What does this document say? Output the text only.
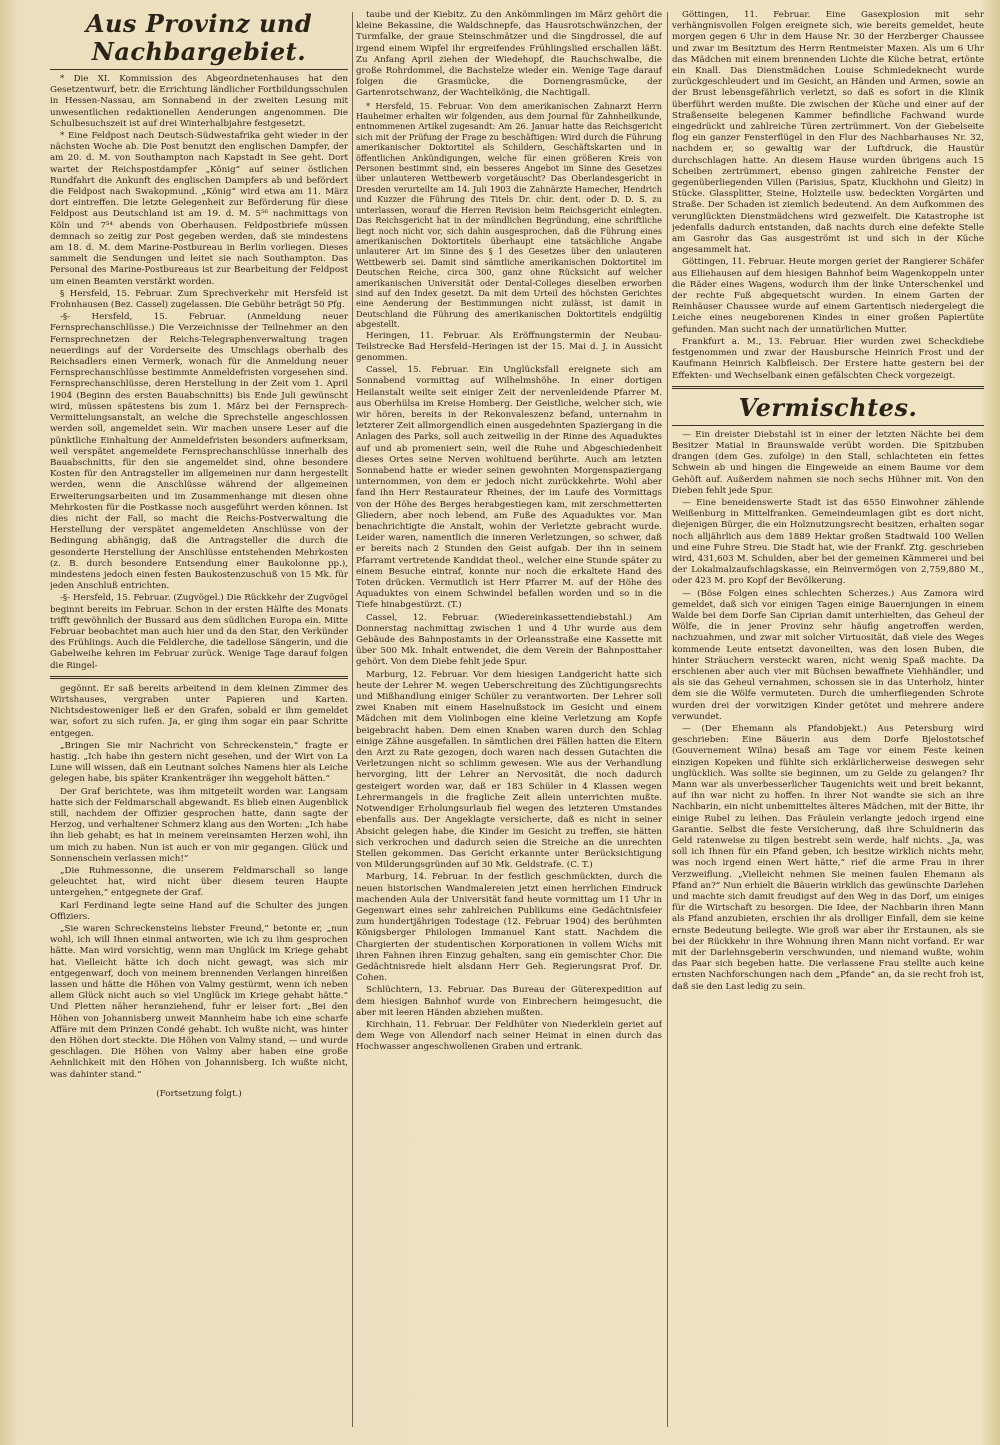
Aus Provinz und Nachbargebiet.

* Die XI. Kommission des Abgeordnetenhauses hat den Gesetzentwurf, betr. die Errichtung ländlicher Fortbildungsschulen in Hessen-Nassau, am Sonnabend in der zweiten Lesung mit unwesentlichen redaktionellen Aenderungen angenommen. Die Schulbesuchszeit ist auf drei Winterhalbjahre festgesetzt.

* Eine Feldpost nach Deutsch-Südwestafrika geht wieder in der nächsten Woche ab. Die Post benutzt den englischen Dampfer, der am 20. d. M. von Southampton nach Kapstadt in See geht. Dort wartet der Reichspostdampfer „König“ auf seiner östlichen Rundfahrt die Ankunft des englischen Dampfers ab und befördert die Feldpost nach Swakopmund. „König“ wird etwa am 11. März dort eintreffen. Die letzte Gelegenheit zur Beförderung für diese Feldpost aus Deutschland ist am 19. d. M. 5⁵⁶ nachmittags von Köln und 7⁵⁴ abends von Oberhausen. Feldpostbriefe müssen demnach so zeitig zur Post gegeben werden, daß sie mindestens am 18. d. M. dem Marine-Postbureau in Berlin vorliegen. Dieses sammelt die Sendungen und leitet sie nach Southampton. Das Personal des Marine-Postbureaus ist zur Bearbeitung der Feldpost um einen Beamten verstärkt worden.

§ Hersfeld, 15. Februar. Zum Sprechverkehr mit Hersfeld ist Frohnhausen (Bez. Cassel) zugelassen. Die Gebühr beträgt 50 Pfg.

-§- Hersfeld, 15. Februar. (Anmeldung neuer Fernsprechanschlüsse.) Die Verzeichnisse der Teilnehmer an den Fernsprechnetzen der Reichs-Telegraphenverwaltung tragen neuerdings auf der Vorderseite des Umschlags oberhalb des Reichsadlers einen Vermerk, wonach für die Anmeldung neuer Fernsprechanschlüsse bestimmte Anmeldefristen vorgesehen sind. Fernsprechanschlüsse, deren Herstellung in der Zeit vom 1. April 1904 (Beginn des ersten Bauabschnitts) bis Ende Juli gewünscht wird, müssen spätestens bis zum 1. März bei der Fernsprech-Vermittelungsanstalt, an welche die Sprechstelle angeschlossen werden soll, angemeldet sein. Wir machen unsere Leser auf die pünktliche Einhaltung der Anmeldefristen besonders aufmerksam, weil verspätet angemeldete Fernsprechanschlüsse innerhalb des Bauabschnitts, für den sie angemeldet sind, ohne besondere Kosten für den Antragsteller im allgemeinen nur dann hergestellt werden, wenn die Anschlüsse während der allgemeinen Erweiterungsarbeiten und im Zusammenhange mit diesen ohne Mehrkosten für die Postkasse noch ausgeführt werden können. Ist dies nicht der Fall, so macht die Reichs-Postverwaltung die Herstellung der verspätet angemeldeten Anschlüsse von der Bedingung abhängig, daß die Antragsteller die durch die gesonderte Herstellung der Anschlüsse entstehenden Mehrkosten (z. B. durch besondere Entsendung einer Baukolonne pp.), mindestens jedoch einen festen Baukostenzuschuß von 15 Mk. für jeden Anschluß entrichten.

-§- Hersfeld, 15. Februar. (Zugvögel.) Die Rückkehr der Zugvögel beginnt bereits im Februar. Schon in der ersten Hälfte des Monats trifft gewöhnlich der Bussard aus dem südlichen Europa ein. Mitte Februar beobachtet man auch hier und da den Star, den Verkünder des Frühlings. Auch die Feldlerche, die tadellose Sängerin, und die Gabelweihe kehren im Februar zurück. Wenige Tage darauf folgen die Ringel-

gegönnt. Er saß bereits arbeitend in dem kleinen Zimmer des Wirtshauses, vergraben unter Papieren und Karten. Nichtsdestoweniger ließ er den Grafen, sobald er ihm gemeldet war, sofort zu sich rufen. Ja, er ging ihm sogar ein paar Schritte entgegen.

„Bringen Sie mir Nachricht von Schreckenstein,“ fragte er hastig. „Ich habe ihn gestern nicht gesehen, und der Wirt von La Lune will wissen, daß ein Leutnant solches Namens hier als Leiche gelegen habe, bis später Krankenträger ihn weggeholt hätten.“

Der Graf berichtete, was ihm mitgeteilt worden war. Langsam hatte sich der Feldmarschall abgewandt. Es blieb einen Augenblick still, nachdem der Offizier gesprochen hatte, dann sagte der Herzog, und verhaltener Schmerz klang aus den Worten: „Ich habe ihn lieb gehabt; es hat in meinem vereinsamten Herzen wohl, ihn um mich zu haben. Nun ist auch er von mir gegangen. Glück und Sonnenschein verlassen mich!“

„Die Ruhmessonne, die unserem Feldmarschall so lange geleuchtet hat, wird nicht über diesem teuren Haupte untergehen,“ entgegnete der Graf.

Karl Ferdinand legte seine Hand auf die Schulter des jungen Offiziers.

„Sie waren Schreckensteins liebster Freund,“ betonte er, „nun wohl, ich will Ihnen einmal antworten, wie ich zu ihm gesprochen hätte. Man wird vorsichtig, wenn man Unglück im Kriege gehabt hat. Vielleicht hätte ich doch nicht gewagt, was sich mir entgegenwarf, doch von meinem brennenden Verlangen hinreißen lassen und hätte die Höhen von Valmy gestürmt, wenn ich neben allem Glück nicht auch so viel Unglück im Kriege gehabt hätte.“ Und Pletten näher heranziehend, fuhr er leiser fort: „Bei den Höhen von Johannisberg unweit Mannheim habe ich eine scharfe Affäre mit dem Prinzen Condé gehabt. Ich wußte nicht, was hinter den Höhen dort steckte. Die Höhen von Valmy stand, — und wurde geschlagen. Die Höhen von Valmy aber haben eine große Aehnlichkeit mit den Höhen von Johannisberg. Ich wußte nicht, was dahinter stand.“

(Fortsetzung folgt.)

taube und der Kiebitz. Zu den Ankömmlingen im März gehört die kleine Bekassine, die Waldschnepfe, das Hausrotschwänzchen, der Turmfalke, der graue Steinschmätzer und die Singdrossel, die auf irgend einem Wipfel ihr ergreifendes Frühlingslied erschallen läßt. Zu Anfang April ziehen der Wiedehopf, die Rauchschwalbe, die große Rohrdommel, die Bachstelze wieder ein. Wenige Tage darauf folgen die Grasmücke, die Dornengrasmücke, der Gartenrotschwanz, der Wachtelkönig, die Nachtigall.

* Hersfeld, 15. Februar. Von dem amerikanischen Zahnarzt Herrn Hauheimer erhalten wir folgenden, aus dem Journal für Zahnheilkunde, entnommenen Artikel zugesandt: Am 26. Januar hatte das Reichsgericht sich mit der Prüfung der Frage zu beschäftigen: Wird durch die Führung amerikanischer Doktortitel als Schildern, Geschäftskarten und in öffentlichen Ankündigungen, welche für einen größeren Kreis von Personen bestimmt sind, ein besseres Angebot im Sinne des Gesetzes über unlauteren Wettbewerb vorgetäuscht? Das Oberlandesgericht in Dresden verurteilte am 14. Juli 1903 die Zahnärzte Hamecher, Hendrich und Kuzzer die Führung des Titels Dr. chir. dent. oder D. D. S. zu unterlassen, worauf die Herren Revision beim Reichsgericht einlegten. Das Reichsgericht hat in der mündlichen Begründung, eine schriftliche liegt noch nicht vor, sich dahin ausgesprochen, daß die Führung eines amerikanischen Doktortitels überhaupt eine tatsächliche Angabe unlauterer Art im Sinne des § 1 des Gesetzes über den unlauteren Wettbewerb sei. Damit sind sämtliche amerikanischen Doktortitel im Deutschen Reiche, circa 300, ganz ohne Rücksicht auf welcher amerikanischen Universität oder Dental-Colleges dieselben erworben sind auf den Index gesetzt. Da mit dem Urteil des höchsten Gerichtes eine Aenderung der Bestimmungen nicht zulässt, ist damit in Deutschland die Führung des amerikanischen Doktortitels endgültig abgestellt.

Heringen, 11. Februar. Als Eröffnungstermin der Neubau-Teilstrecke Bad Hersfeld–Heringen ist der 15. Mai d. J. in Aussicht genommen.

Cassel, 15. Februar. Ein Unglücksfall ereignete sich am Sonnabend vormittag auf Wilhelmshöhe. In einer dortigen Heilanstalt weilte seit einiger Zeit der nervenleidende Pfarrer M. aus Oberhülsa im Kreise Homberg. Der Geistliche, welcher sich, wie wir hören, bereits in der Rekonvaleszenz befand, unternahm in letzterer Zeit allmorgendlich einen ausgedehnten Spaziergang in die Anlagen des Parks, soll auch zeitweilig in der Rinne des Aquaduktes auf und ab promeniert sein, weil die Ruhe und Abgeschiedenheit dieses Ortes seine Nerven wohltuend berührte. Auch am letzten Sonnabend hatte er wieder seinen gewohnten Morgenspaziergang unternommen, von dem er jedoch nicht zurückkehrte. Wohl aber fand ihn Herr Restaurateur Rheines, der im Laufe des Vormittags von der Höhe des Berges herabgestiegen kam, mit zerschmetterten Gliedern, aber noch lebend, am Fuße des Aquaduktes vor. Man benachrichtigte die Anstalt, wohin der Verletzte gebracht wurde. Leider waren, namentlich die inneren Verletzungen, so schwer, daß er bereits nach 2 Stunden den Geist aufgab. Der ihn in seinem Pfarramt vertretende Kandidat theol., welcher eine Stunde später zu einem Besuche eintraf, konnte nur noch die erkaltete Hand des Toten drücken. Vermutlich ist Herr Pfarrer M. auf der Höhe des Aquaduktes von einem Schwindel befallen worden und so in die Tiefe hinabgestürzt. (T.)

Cassel, 12. Februar. (Wiedereinkassettendiebstahl.) Am Donnerstag nachmittag zwischen 1 und 4 Uhr wurde aus dem Gebäude des Bahnpostamts in der Orleansstraße eine Kassette mit über 500 Mk. Inhalt entwendet, die dem Verein der Bahnposttaher gehört. Von dem Diebe fehlt jede Spur.

Marburg, 12. Februar. Vor dem hiesigen Landgericht hatte sich heute der Lehrer M. wegen Ueberschreitung des Züchtigungsrechts und Mißhandlung einiger Schüler zu verantworten. Der Lehrer soll zwei Knaben mit einem Haselnußstock im Gesicht und einem Mädchen mit dem Violinbogen eine kleine Verletzung am Kopfe beigebracht haben. Dem einen Knaben waren durch den Schlag einige Zähne ausgefallen. In sämtlichen drei Fällen hatten die Eltern den Arzt zu Rate gezogen, doch waren nach dessen Gutachten die Verletzungen nicht so schlimm gewesen. Wie aus der Verhandlung hervorging, litt der Lehrer an Nervosität, die noch dadurch gesteigert worden war, daß er 183 Schüler in 4 Klassen wegen Lehrermangels in die fragliche Zeit allein unterrichten mußte. Notwendiger Erholungsurlaub fiel wegen des letzteren Umstandes ebenfalls aus. Der Angeklagte versicherte, daß es nicht in seiner Absicht gelegen habe, die Kinder im Gesicht zu treffen, sie hätten sich verkrochen und dadurch seien die Streiche an die unrechten Stellen gekommen. Das Gericht erkannte unter Berücksichtigung von Milderungsgründen auf 30 Mk. Geldstrafe. (C. T.)

Marburg, 14. Februar. In der festlich geschmückten, durch die neuen historischen Wandmalereien jetzt einen herrlichen Eindruck machenden Aula der Universität fand heute vormittag um 11 Uhr in Gegenwart eines sehr zahlreichen Publikums eine Gedächtnisfeier zum hundertjährigen Todestage (12. Februar 1904) des berühmten Königsberger Philologen Immanuel Kant statt. Nachdem die Chargierten der studentischen Korporationen in vollem Wichs mit ihren Fahnen ihren Einzug gehalten, sang ein gemischter Chor. Die Gedächtnisrede hielt alsdann Herr Geh. Regierungsrat Prof. Dr. Cohen.

Schlüchtern, 13. Februar. Das Bureau der Güterexpedition auf dem hiesigen Bahnhof wurde von Einbrechern heimgesucht, die aber mit leeren Händen abziehen mußten.

Kirchhain, 11. Februar. Der Feldhüter von Niederklein geriet auf dem Wege von Allendorf nach seiner Heimat in einen durch das Hochwasser angeschwollenen Graben und ertrank.

Göttingen, 11. Februar. Eine Gasexplosion mit sehr verhängnisvollen Folgen ereignete sich, wie bereits gemeldet, heute morgen gegen 6 Uhr in dem Hause Nr. 30 der Herzberger Chaussee und zwar im Besitztum des Herrn Rentmeister Maxen. Als um 6 Uhr das Mädchen mit einem brennenden Lichte die Küche betrat, ertönte ein Knall. Das Dienstmädchen Louise Schmiedeknecht wurde zurückgeschleudert und im Gesicht, an Händen und Armen, sowie an der Brust lebensgefährlich verletzt, so daß es sofort in die Klinik überführt werden mußte. Die zwischen der Küche und einer auf der Straßenseite belegenen Kammer befindliche Fachwand wurde eingedrückt und zahlreiche Türen zertrümmert. Von der Giebelseite flog ein ganzer Fensterflügel in den Flur des Nachbarhauses Nr. 32, nachdem er, so gewaltig war der Luftdruck, die Haustür durchschlagen hatte. An diesem Hause wurden übrigens auch 15 Scheiben zertrümmert, ebenso gingen zahlreiche Fenster der gegenüberliegenden Villen (Parisius, Spatz, Kluckhohn und Gleitz) in Stücke. Glassplitter, Steine, Holzteile usw. bedeckten Vorgärten und Straße. Der Schaden ist ziemlich bedeutend. An dem Aufkommen des verunglückten Dienstmädchens wird gezweifelt. Die Katastrophe ist jedenfalls dadurch entstanden, daß nachts durch eine defekte Stelle am Gasrohr das Gas ausgeströmt ist und sich in der Küche angesammelt hat.

Göttingen, 11. Februar. Heute morgen geriet der Rangierer Schäfer aus Elliehausen auf dem hiesigen Bahnhof beim Wagenkoppeln unter die Räder eines Wagens, wodurch ihm der linke Unterschenkel und der rechte Fuß abgequetscht wurden. In einem Garten der Reinhäuser Chaussee wurde auf einem Gartentisch niedergelegt die Leiche eines neugeborenen Kindes in einer großen Papiertüte gefunden. Man sucht nach der unnatürlichen Mutter.

Frankfurt a. M., 13. Februar. Hier wurden zwei Scheckdiebe festgenommen und zwar der Hausbursche Heinrich Frost und der Kaufmann Heinrich Kalbfleisch. Der Erstere hatte gestern bei der Effekten- und Wechselbank einen gefälschten Check vorgezeigt.

Vermischtes.

— Ein dreister Diebstahl ist in einer der letzten Nächte bei dem Besitzer Matial in Braunswalde verübt worden. Die Spitzbuben drangen (dem Ges. zufolge) in den Stall, schlachteten ein fettes Schwein ab und hingen die Eingeweide an einem Baume vor dem Gehöft auf. Außerdem nahmen sie noch sechs Hühner mit. Von den Dieben fehlt jede Spur.

— Eine beneidenswerte Stadt ist das 6550 Einwohner zählende Weißenburg in Mittelfranken. Gemeindeumlagen gibt es dort nicht, diejenigen Bürger, die ein Holznutzungsrecht besitzen, erhalten sogar noch alljährlich aus dem 1889 Hektar großen Stadtwald 100 Wellen und eine Fuhre Streu. Die Stadt hat, wie der Frankf. Ztg. geschrieben wird, 431,603 M. Schulden, aber bei der gemeinen Kämmerei und bei der Lokalmalzaufschlagskasse, ein Reinvermögen von 2,759,880 M., oder 423 M. pro Kopf der Bevölkerung.

— (Böse Folgen eines schlechten Scherzes.) Aus Zamora wird gemeldet, daß sich vor einigen Tagen einige Bauernjungen in einem Walde bei dem Dorfe San Ciprian damit unterhielten, das Geheul der Wölfe, die in jener Provinz sehr häufig angetroffen werden, nachzuahmen, und zwar mit solcher Virtuosität, daß viele des Weges kommende Leute entsetzt davoneilten, was den losen Buben, die hinter Sträuchern versteckt waren, nicht wenig Spaß machte. Da erschienen aber auch vier mit Büchsen bewaffnete Viehhändler, und als sie das Geheul vernahmen, schossen sie in das Unterholz, hinter dem sie die Wölfe vermuteten. Durch die umherfliegenden Schrote wurden drei der vorwitzigen Kinder getötet und mehrere andere verwundet.

— (Der Ehemann als Pfandobjekt.) Aus Petersburg wird geschrieben: Eine Bäuerin aus dem Dorfe Bjelostotschef (Gouvernement Wilna) besaß am Tage vor einem Feste keinen einzigen Kopeken und fühlte sich erklärlicherweise deswegen sehr unglücklich. Was sollte sie beginnen, um zu Gelde zu gelangen? Ihr Mann war als unverbesserlicher Taugenichts weit und breit bekannt, auf ihn war nicht zu hoffen. In ihrer Not wandte sie sich an ihre Nachbarin, ein nicht unbemitteltes älteres Mädchen, mit der Bitte, ihr einige Rubel zu leihen. Das Fräulein verlangte jedoch irgend eine Garantie. Selbst die feste Versicherung, daß ihre Schuldnerin das Geld ratenweise zu tilgen bestrebt sein werde, half nichts. „Ja, was soll ich Ihnen für ein Pfand geben, ich besitze wirklich nichts mehr, was noch irgend einen Wert hätte,“ rief die arme Frau in ihrer Verzweiflung. „Vielleicht nehmen Sie meinen faulen Ehemann als Pfand an?“ Nun erhielt die Bäuerin wirklich das gewünschte Darlehen und machte sich damit freudigst auf den Weg in das Dorf, um einiges für die Wirtschaft zu besorgen. Die Idee, der Nachbarin ihren Mann als Pfand anzubieten, erschien ihr als drolliger Einfall, dem sie keine ernste Bedeutung beilegte. Wie groß war aber ihr Erstaunen, als sie bei der Rückkehr in ihre Wohnung ihren Mann nicht vorfand. Er war mit der Darlehnsgeberin verschwunden, und niemand wußte, wohin das Paar sich begeben hatte. Die verlassene Frau stellte auch keine ernsten Nachforschungen nach dem „Pfande“ an, da sie recht froh ist, daß sie den Last ledig zu sein.
